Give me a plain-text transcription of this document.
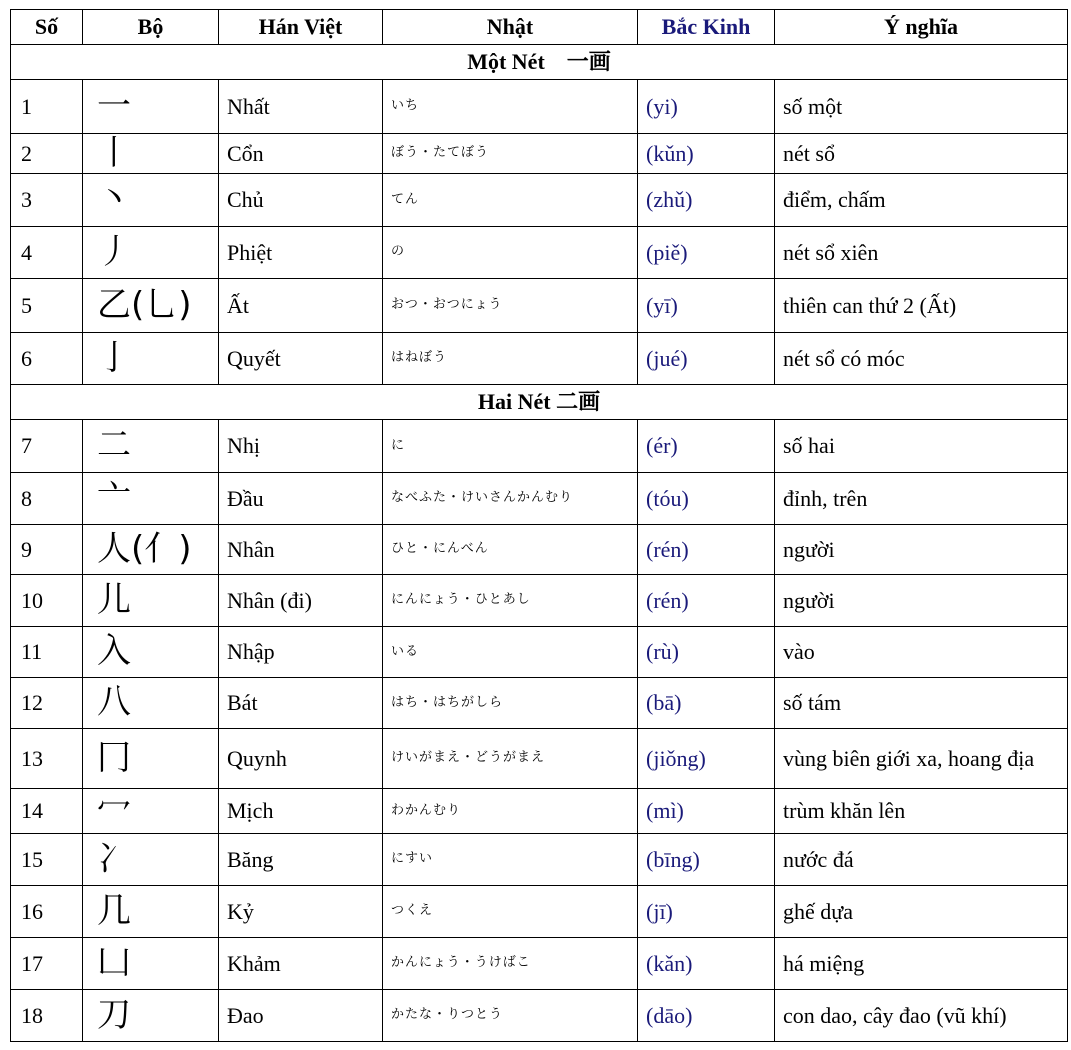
Số	Bộ	Hán Việt	Nhật	Bắc Kinh	Ý nghĩa
Một Nét　一画					
1	一	Nhất	いち	(yi)	số một
2	丨	Cổn	ぼう・たてぼう	(kǔn)	nét sổ
3	丶	Chủ	てん	(zhǔ)	điểm, chấm
4	丿	Phiệt	の	(piě)	nét sổ xiên
5	乙(乚)	Ất	おつ・おつにょう	(yī)	thiên can thứ 2 (Ất)
6	亅	Quyết	はねぼう	(jué)	nét sổ có móc
Hai Nét 二画					
7	二	Nhị	に	(ér)	số hai
8	亠	Đầu	なべふた・けいさんかんむり	(tóu)	đỉnh, trên
9	人(亻)	Nhân	ひと・にんべん	(rén)	người
10	儿	Nhân (đi)	にんにょう・ひとあし	(rén)	người
11	入	Nhập	いる	(rù)	vào
12	八	Bát	はち・はちがしら	(bā)	số tám
13	冂	Quynh	けいがまえ・どうがまえ	(jiǒng)	vùng biên giới xa, hoang địa
14	冖	Mịch	わかんむり	(mì)	trùm khăn lên
15	冫	Băng	にすい	(bīng)	nước đá
16	几	Kỷ	つくえ	(jī)	ghế dựa
17	凵	Khảm	かんにょう・うけばこ	(kǎn)	há miệng
18	刀	Đao	かたな・りつとう	(dāo)	con dao, cây đao (vũ khí)
